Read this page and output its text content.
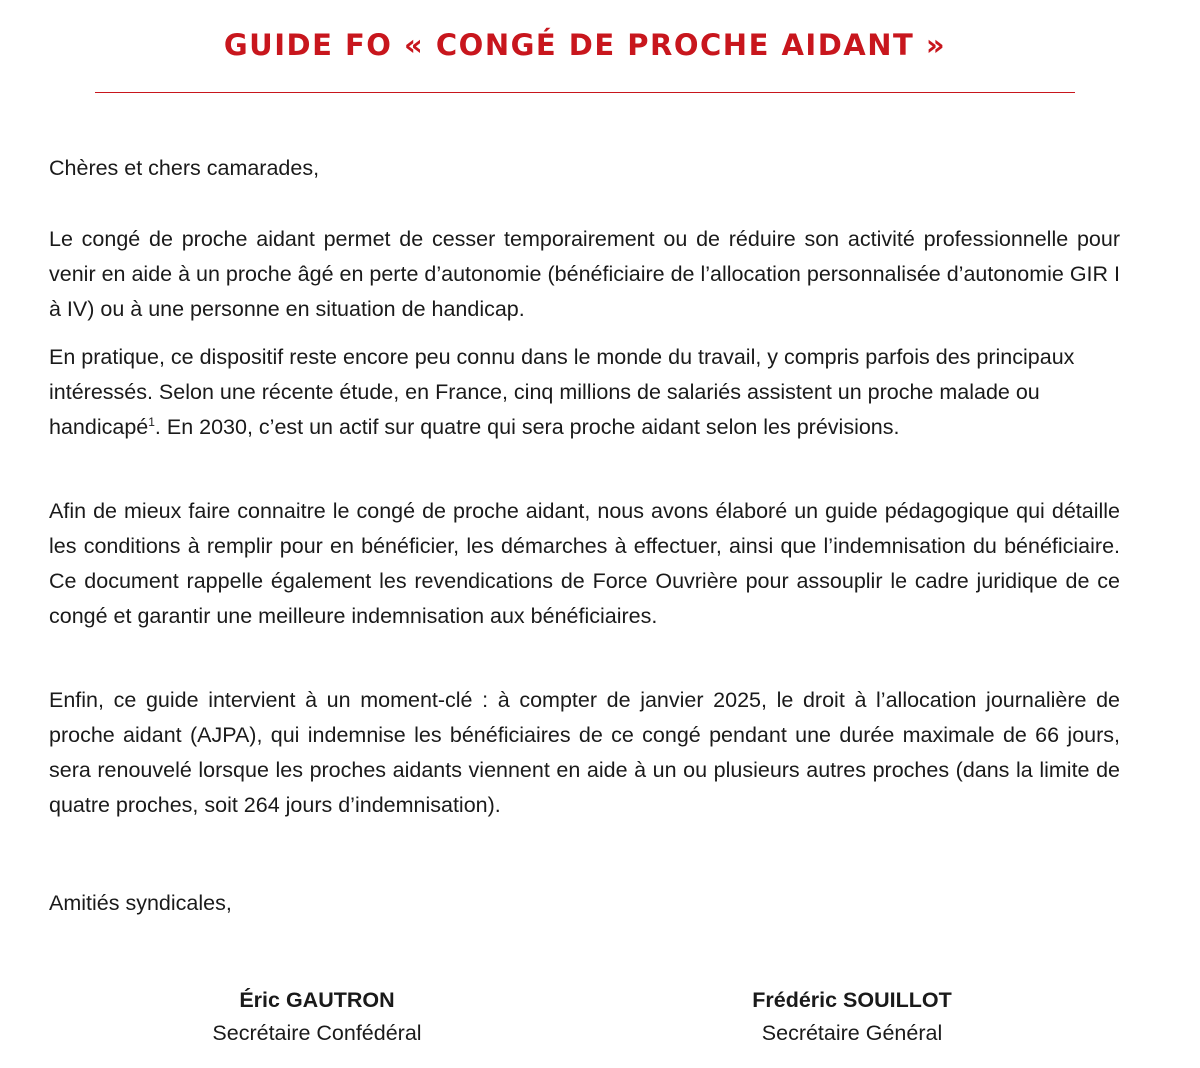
GUIDE FO « CONGÉ DE PROCHE AIDANT »

Chères et chers camarades,

Le congé de proche aidant permet de cesser temporairement ou de réduire son activité professionnelle pour venir en aide à un proche âgé en perte d’autonomie (bénéficiaire de l’allocation personnalisée d’autonomie GIR I à IV) ou à une personne en situation de handicap.

En pratique, ce dispositif reste encore peu connu dans le monde du travail, y compris parfois des principaux intéressés. Selon une récente étude, en France, cinq millions de salariés assistent un proche malade ou handicapé$^1$. En 2030, c’est un actif sur quatre qui sera proche aidant selon les prévisions.

Afin de mieux faire connaitre le congé de proche aidant, nous avons élaboré un guide pédagogique qui détaille les conditions à remplir pour en bénéficier, les démarches à effectuer, ainsi que l’indemnisation du bénéficiaire. Ce document rappelle également les revendications de Force Ouvrière pour assouplir le cadre juridique de ce congé et garantir une meilleure indemnisation aux bénéficiaires.

Enfin, ce guide intervient à un moment-clé : à compter de janvier 2025, le droit à l’allocation journalière de proche aidant (AJPA), qui indemnise les bénéficiaires de ce congé pendant une durée maximale de 66 jours, sera renouvelé lorsque les proches aidants viennent en aide à un ou plusieurs autres proches (dans la limite de quatre proches, soit 264 jours d’indemnisation).

Amitiés syndicales,

Éric GAUTRON
Secrétaire Confédéral
Frédéric SOUILLOT
Secrétaire Général
